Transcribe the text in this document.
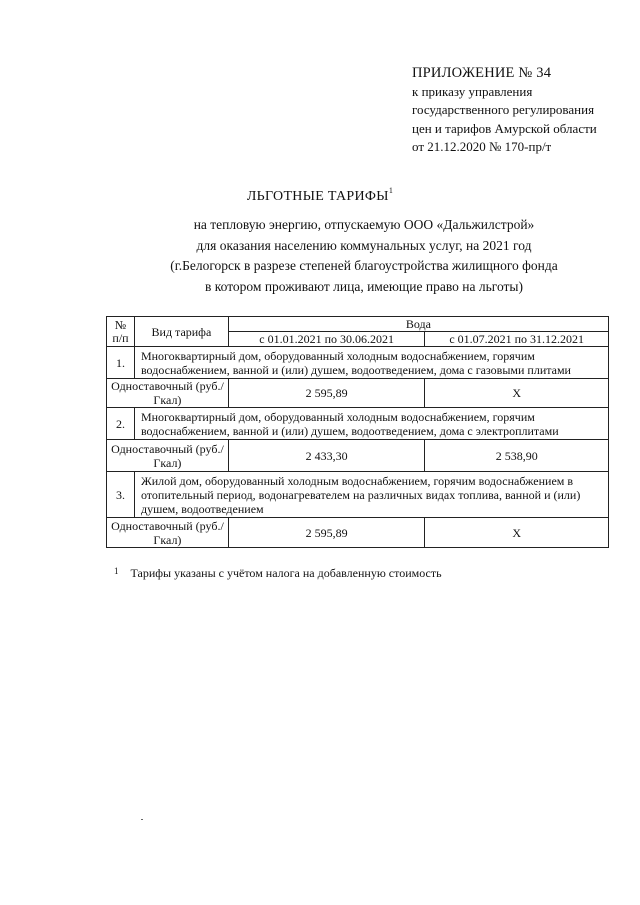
ПРИЛОЖЕНИЕ № 34
к приказу управления
государственного регулирования
цен и тарифов Амурской области
от 21.12.2020 № 170-пр/т
ЛЬГОТНЫЕ ТАРИФЫ$^1$
на тепловую энергию, отпускаемую ООО «Дальжилстрой»
для оказания населению коммунальных услуг, на 2021 год
(г.Белогорск в разрезе степеней благоустройства жилищного фонда
в котором проживают лица, имеющие право на льготы)
№ п/п	Вид тарифа	Вода	
		с 01.01.2021 по 30.06.2021	с 01.07.2021 по 31.12.2021
1.	Многоквартирный дом, оборудованный холодным водоснабжением, горячим водоснабжением, ванной и (или) душем, водоотведением, дома с газовыми плитами		
Одноставочный (руб./Гкал)		2 595,89	X
2.	Многоквартирный дом, оборудованный холодным водоснабжением, горячим водоснабжением, ванной и (или) душем, водоотведением, дома с электроплитами		
Одноставочный (руб./Гкал)		2 433,30	2 538,90
3.	Жилой дом, оборудованный холодным водоснабжением, горячим водоснабжением в отопительный период, водонагревателем на различных видах топлива, ванной и (или) душем, водоотведением		
Одноставочный (руб./Гкал)		2 595,89	X
$^1$ Тарифы указаны с учётом налога на добавленную стоимость
